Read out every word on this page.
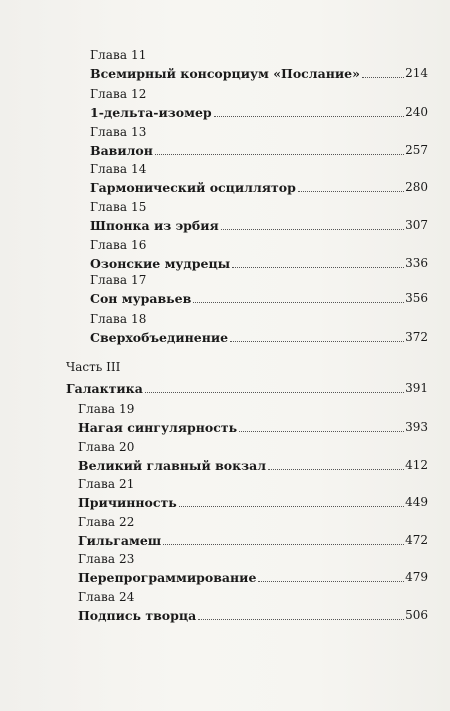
Глава 11
Всемирный консорциум «Послание»	214
Глава 12
1-дельта-изомер	240
Глава 13
Вавилон	257
Глава 14
Гармонический осциллятор	280
Глава 15
Шпонка из эрбия	307
Глава 16
Озонские мудрецы	336
Глава 17
Сон муравьев	356
Глава 18
Сверхобъединение	372
Часть III
Галактика	391
Глава 19
Нагая сингулярность	393
Глава 20
Великий главный вокзал	412
Глава 21
Причинность	449
Глава 22
Гильгамеш	472
Глава 23
Перепрограммирование	479
Глава 24
Подпись творца	506
